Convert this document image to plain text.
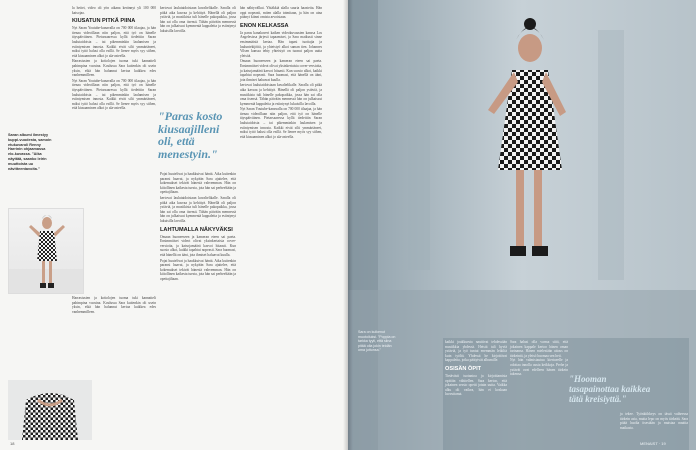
la heitei, video oli yön aikana kerännyt yli 100 000 katsojaa.

KIUSATUN PITKÄ PIINA

Nyt Saran Youtube-kanavalla on 700 000 tilaajaa, ja hän tienaa videoillaan niin paljon, että työ on hänelle täyspäiväinen. Pietarsaaressa kyllä tiedettiin Saran laulutaidoista – tai pikemminkin laulamisen ja esiintymisen innosta. Kaikki eivät silti ymmärtäneet, miksi tyttö halusi olla esillä. Se lienee myös syy siihen, että kiusaaminen alkoi jo ala-asteella.

Harrastusten ja kotiolojen tuoma tuki kannatteli pahimpina vuosina. Koulussa Sara kuitenkin oli usein yksin, eikä hän halunnut kertoa kaikkea edes vanhemmilleen.

Nyt Saran Youtube-kanavalla on 700 000 tilaajaa, ja hän tienaa videoillaan niin paljon, että työ on hänelle täyspäiväinen. Pietarsaaressa kyllä tiedettiin Saran laulutaidoista – tai pikemminkin laulamisen ja esiintymisen innosta. Kaikki eivät silti ymmärtäneet, miksi tyttö halusi olla esillä. Se lienee myös syy siihen, että kiusaaminen alkoi jo ala-asteella.

Saran albumi ilmestyy kuppi-vuodesta, samoin etukuvaroli Renny Harrinin ohjaamassa elo-kuvassa. "Aika näyttää, saanko leirin muuttoista uu nävitteentavoita."

Harrastusten ja kotiolojen tuoma tuki kannatteli pahimpina vuosina. Koulussa Sara kuitenkin oli usein yksin, eikä hän halunnut kertoa kaikkea edes vanhemmilleen.

kertovat laulutaidoistaan kavaltelikalle. Saralla oli pitkä aika kasvaa ja kehittyä. Hänellä oli paljon ystäviä, ja musiikista tuli hänelle pakopaikka, jossa hän sai olla oma itsensä. Tähän päivään mennessä hän on julkaissut kymmeniä kappaleita ja esiintynyt lukuisilla lavoilla.

"Paras kosto kiusaajilleni oli, että menestyin."

Pojat huutelivat ja haukkuivat häntä. Aika kuitenkin paransi haavat, ja nykyään Sara ajattelee, että kokemukset tekivät hänestä vahvemman. Hän on kiitollinen kaikesta tuesta, jota hän sai perheeltään ja opettajiltaan.

kertovat laulutaidoistaan kavaltelikalle. Saralla oli pitkä aika kasvaa ja kehittyä. Hänellä oli paljon ystäviä, ja musiikista tuli hänelle pakopaikka, jossa hän sai olla oma itsensä. Tähän päivään mennessä hän on julkaissut kymmeniä kappaleita ja esiintynyt lukuisilla lavoilla.

LAHTUMALLA NÄKYVÄKSI

Omaan huoneeseen ja kameran eteen sai paeta. Ensimmäiset videot olivat yksinkertaisia cover-versioita, ja katsojamäärä kasvoi hitaasti. Kun suosio alkoi, kaikki tapahtui nopeasti. Sara huomasi, että hänellä on ääni, jota ihmiset haluavat kuulla.

Pojat huutelivat ja haukkuivat häntä. Aika kuitenkin paransi haavat, ja nykyään Sara ajattelee, että kokemukset tekivät hänestä vahvemman. Hän on kiitollinen kaikesta tuesta, jota hän sai perheeltään ja opettajiltaan.

hän nähtyvälkai. Yhtäkkiä alalla suuria haasteita. Hän oppi nopeasti, miten alalla toimitaan, ja hän on aina pitänyt kiinni omista arvoistaan.

ENON KELKASSA

Ja paras kanakaveri kaiken videokuvausten kanssa Los Angelesissa järjesti tapaamiset, ja Sara matkusti sinne ensimmäistä kertaa. Hän tapasi tuottajia ja lauluntekijöitä, ja yhteistyö alkoi saman tien. Johannes Vilsen kanssa tehty yhteistyö on tuonut paljon uutta yleisöä.

Omaan huoneeseen ja kameran eteen sai paeta. Ensimmäiset videot olivat yksinkertaisia cover-versioita, ja katsojamäärä kasvoi hitaasti. Kun suosio alkoi, kaikki tapahtui nopeasti. Sara huomasi, että hänellä on ääni, jota ihmiset haluavat kuulla.

kertovat laulutaidoistaan kavaltelikalle. Saralla oli pitkä aika kasvaa ja kehittyä. Hänellä oli paljon ystäviä, ja musiikista tuli hänelle pakopaikka, jossa hän sai olla oma itsensä. Tähän päivään mennessä hän on julkaissut kymmeniä kappaleita ja esiintynyt lukuisilla lavoilla.

Nyt Saran Youtube-kanavalla on 700 000 tilaajaa, ja hän tienaa videoillaan niin paljon, että työ on hänelle täyspäiväinen. Pietarsaaressa kyllä tiedettiin Saran laulutaidoista – tai pikemminkin laulamisen ja esiintymisen innosta. Kaikki eivät silti ymmärtäneet, miksi tyttö halusi olla esillä. Se lienee myös syy siihen, että kiusaaminen alkoi jo ala-asteella.

18
Sara on kulkenut muotoiluksi. "Poppia on tarkka tyyli, että siina pitää olla jokin teidän oma juttunsa."

kaikki joukkuesta nauttivat tehdessään musiikkia yhdessä. Heistä tuli hyviä ystäviä, ja työ tuntui enemmän leikiltä kuin työltä. Yhdessä he kirjoittivat kappaleita, jotka päätyivät albumille.

OSISÄN ÖPIT

Tietävästi tuotantoa ja kirjoittamista opittiin vähitellen. Sara kertoo, että jokainen sessio opetti jotain uutta. Vaikka alku oli vaikea, hän ei koskaan luovuttanut.

Sara halusi olla varma siitä, että jokainen kappale kertoo hänen oman tarinansa. Hänen mielestään aitous on tärkeintä, ja yleisö huomaa sen heti.

Nyt hän valmistautuu kiertueelle ja odottaa innolla uusia keikkoja. Perhe ja ystävät ovat edelleen hänen tärkein tukensa.	"Hooman tasapainottaa kaikkea tätä kreisiyttä."

ja tekee. Työnkiihkeys on tässä vaiheessa tärkein asia, mutta lepo on myös tärkeää. Sara pitää huolta itsestään ja muistaa nauttia matkasta.

MENAIST · 19
